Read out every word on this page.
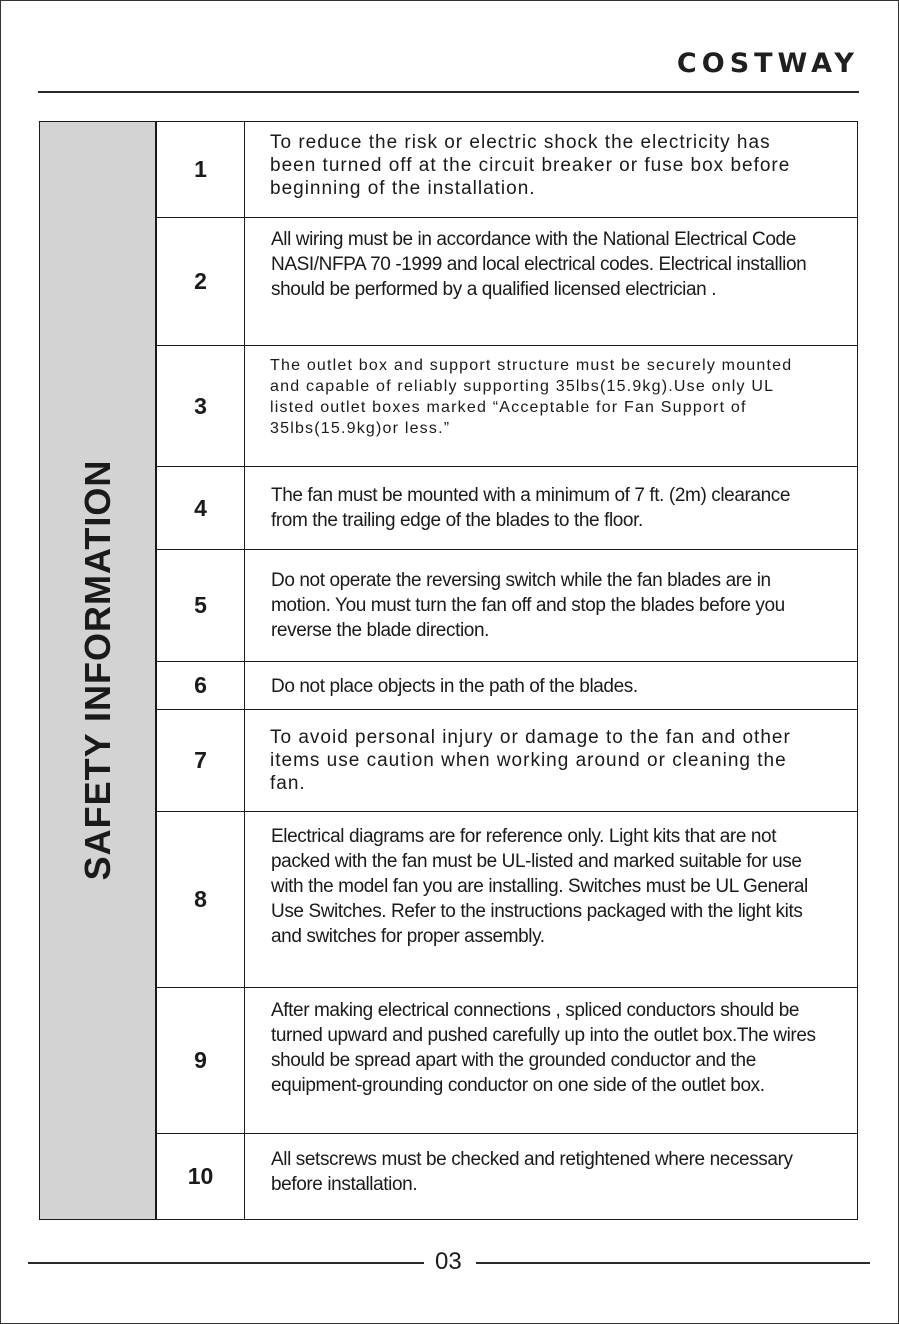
COSTWAY
SAFETY INFORMATION
1
To reduce the risk or electric shock the electricity has been turned off at the circuit breaker or fuse box before beginning of the installation.
2
All wiring must be in accordance with the National Electrical Code NASI/NFPA 70 -1999 and local electrical codes. Electrical installion should be performed by a qualified licensed electrician .
3
The outlet box and support structure must be securely mounted and capable of reliably supporting 35lbs(15.9kg).Use only UL listed outlet boxes marked “Acceptable for Fan Support of 35lbs(15.9kg)or less.”
4	The fan must be mounted with a minimum of 7 ft. (2m) clearance from the trailing edge of the blades to the floor.
5
Do not operate the reversing switch while the fan blades are in motion. You must turn the fan off and stop the blades before you reverse the blade direction.
6	Do not place objects in the path of the blades.
7
To avoid personal injury or damage to the fan and other items use caution when working around or cleaning the fan.
8
Electrical diagrams are for reference only. Light kits that are not packed with the fan must be UL-listed and marked suitable for use with the model fan you are installing. Switches must be UL General Use Switches. Refer to the instructions packaged with the light kits and switches for proper assembly.
9
After making electrical connections , spliced conductors should be turned upward and pushed carefully up into the outlet box.The wires should be spread apart with the grounded conductor and the equipment-grounding conductor on one side of the outlet box.
10
All setscrews must be checked and retightened where necessary before installation.
03
